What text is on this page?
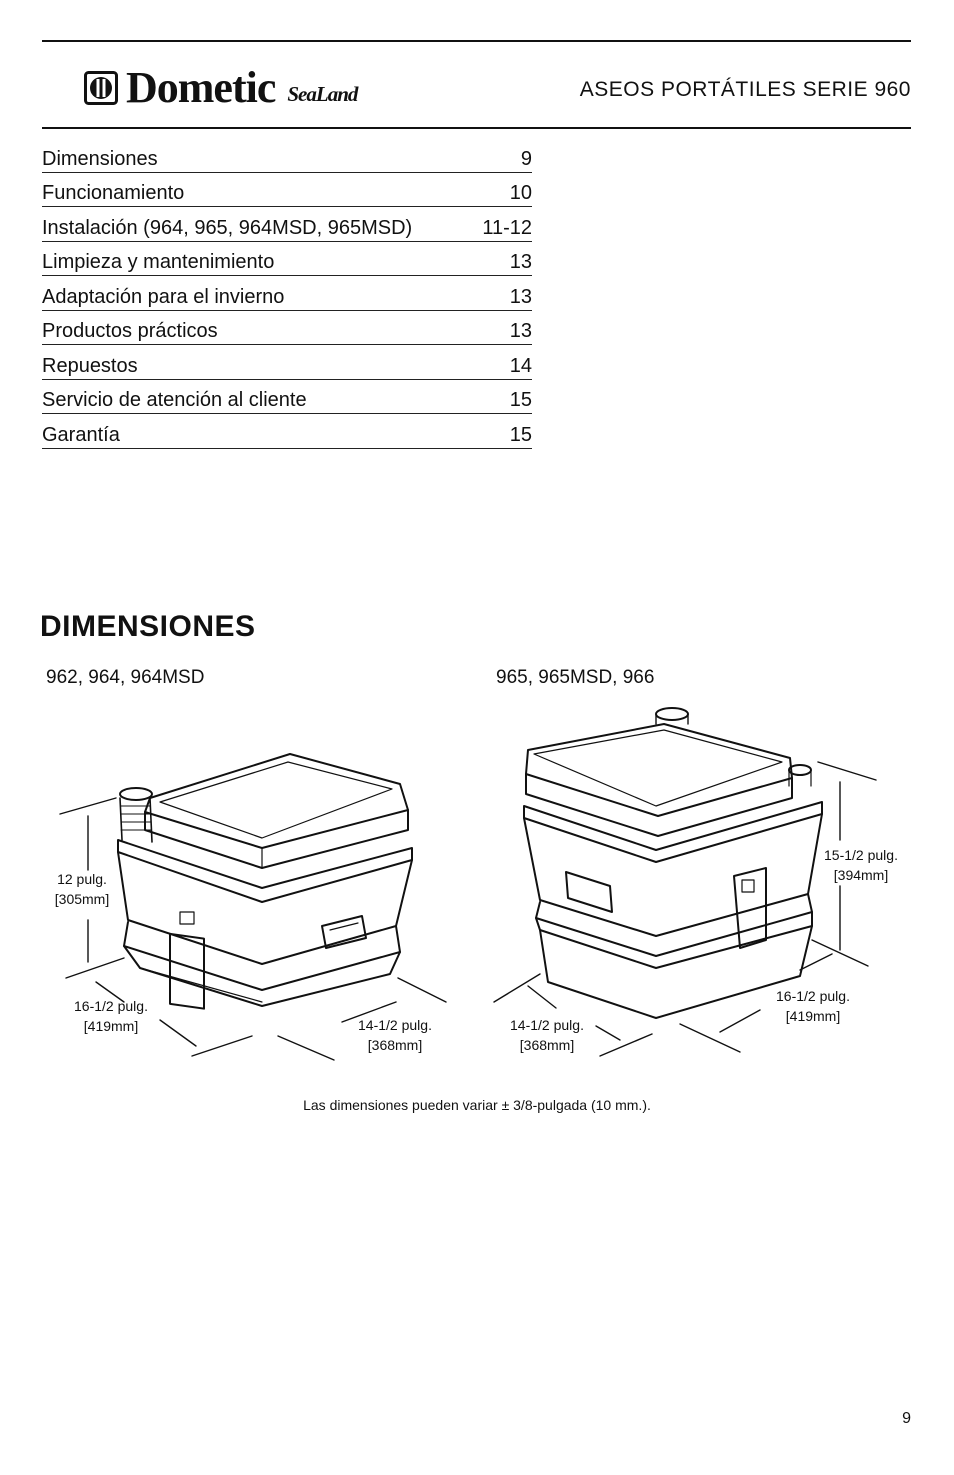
Dometic SeaLand	ASEOS PORTÁTILES SERIE 960
Dimensiones	9
Funcionamiento	10
Instalación (964, 965, 964MSD, 965MSD)	11-12
Limpieza y mantenimiento	13
Adaptación para el invierno	13
Productos prácticos	13
Repuestos	14
Servicio de atención al cliente	15
Garantía	15
DIMENSIONES
962, 964, 964MSD	965, 965MSD, 966
12 pulg.
[305mm]
16-1/2 pulg.
[419mm]	14-1/2 pulg.
[368mm]
15-1/2 pulg.
[394mm]
16-1/2 pulg.
[419mm]
14-1/2 pulg.
[368mm]
Las dimensiones pueden variar ± 3/8-pulgada (10 mm.).
9
